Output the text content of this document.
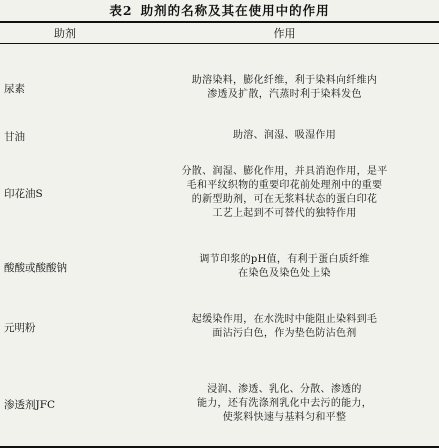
表2 助剂的名称及其在使用中的作用
助剂	作用
尿素
助溶染料，膨化纤维，利于染料向纤维内
渗透及扩散，汽蒸时利于染料发色
甘油	助溶、润湿、吸湿作用
印花油S
分散、润湿、膨化作用，并具消泡作用，是平
毛和平纹织物的重要印花前处理剂中的重要
的新型助剂，可在无浆料状态的蛋白印花
工艺上起到不可替代的独特作用
酸酸或酸酸钠
调节印浆的pH值，有利于蛋白质纤维
在染色及染色处上染
元明粉
起缓染作用，在水洗时中能阻止染料到毛
面沾污白色，作为垫色防沾色剂
渗透剂JFC
浸润、渗透、乳化、分散、渗透的
能力，还有洗涤剂乳化中去污的能力，
使浆料快速与基料匀和平整
